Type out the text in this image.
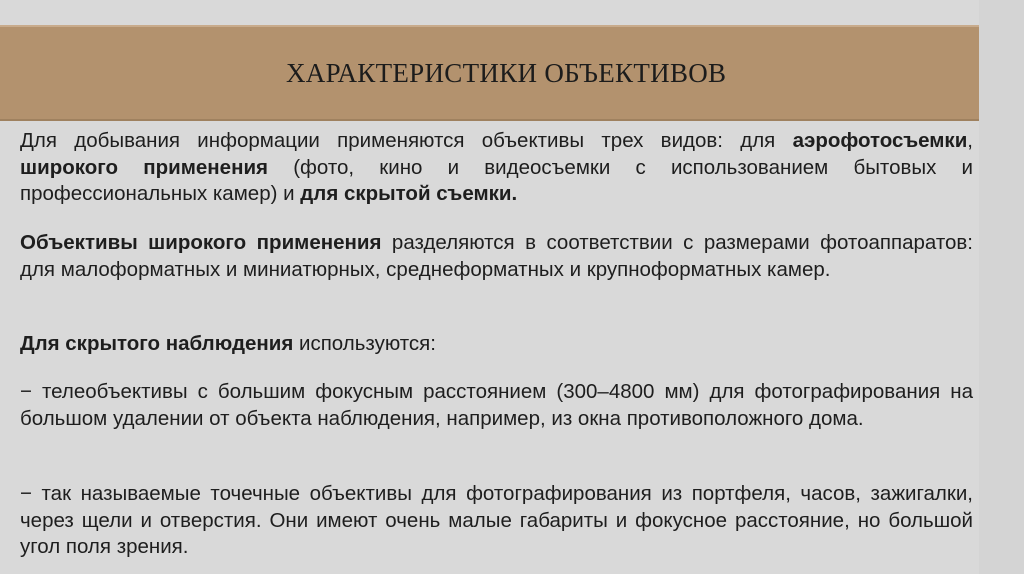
ХАРАКТЕРИСТИКИ ОБЪЕКТИВОВ

Для добывания информации применяются объективы трех видов: для аэрофотосъемки, широкого применения (фото, кино и видеосъемки с использованием бытовых и профессиональных камер) и для скрытой съемки.

Объективы широкого применения разделяются в соответствии с размерами фотоаппаратов: для малоформатных и миниатюрных, среднеформатных и крупноформатных камер.

Для скрытого наблюдения используются:

− телеобъективы с большим фокусным расстоянием (300–4800 мм) для фотографирования на большом удалении от объекта наблюдения, например, из окна противоположного дома.

− так называемые точечные объективы для фотографирования из портфеля, часов, зажигалки, через щели и отверстия. Они имеют очень малые габариты и фокусное расстояние, но большой угол поля зрения.
